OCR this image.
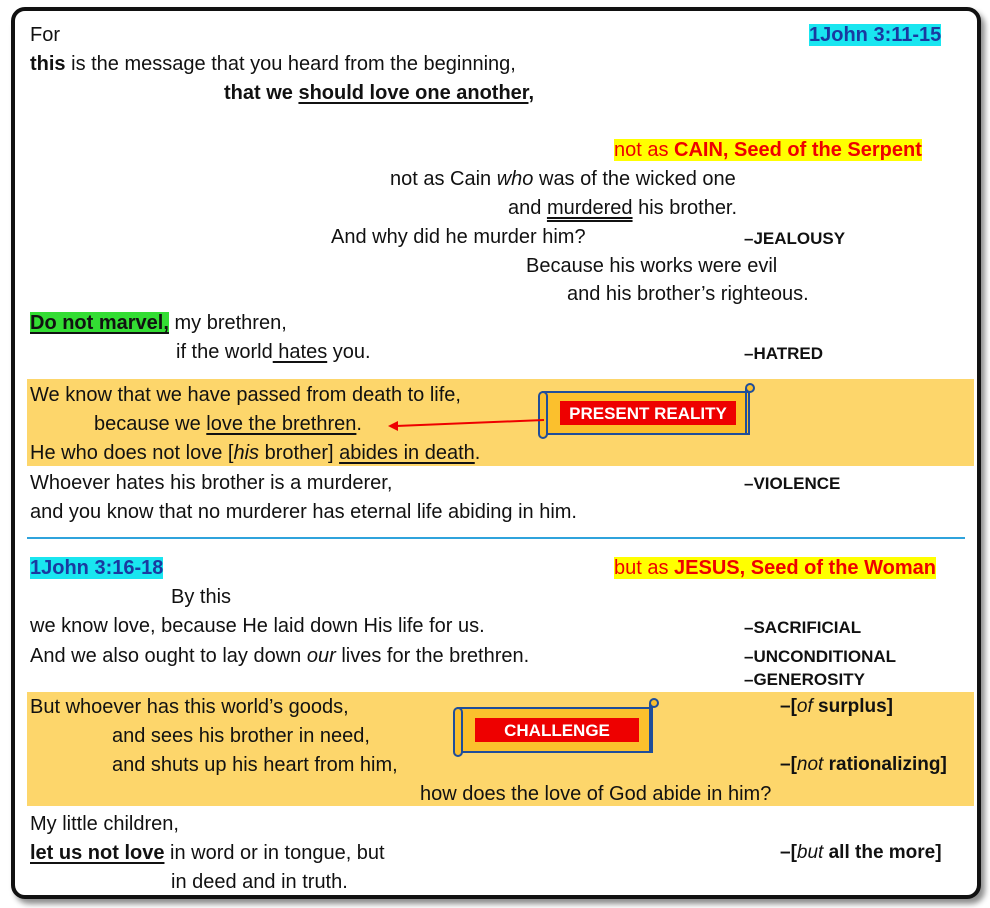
1John 3:11-15
1John 3:16-18
For
this is the message that you heard from the beginning,
that we should love one another,
not as CAIN, Seed of the Serpent
not as Cain who was of the wicked one
and murdered his brother.
And why did he murder him?	–JEALOUSY
Because his works were evil
and his brother’s righteous.
Do not marvel, my brethren,
if the world hates you.	–HATRED
We know that we have passed from death to life,
because we love the brethren.
He who does not love [his brother] abides in death.
PRESENT REALITY
Whoever hates his brother is a murderer,	–VIOLENCE
and you know that no murderer has eternal life abiding in him.
but as JESUS, Seed of the Woman
By this
we know love, because He laid down His life for us.	–SACRIFICIAL
And we also ought to lay down our lives for the brethren.	–UNCONDITIONAL
–GENEROSITY
But whoever has this world’s goods,	–[of surplus]
and sees his brother in need,
and shuts up his heart from him,	–[not rationalizing]
how does the love of God abide in him?
CHALLENGE
My little children,
let us not love in word or in tongue, but	–[but all the more]
in deed and in truth.
